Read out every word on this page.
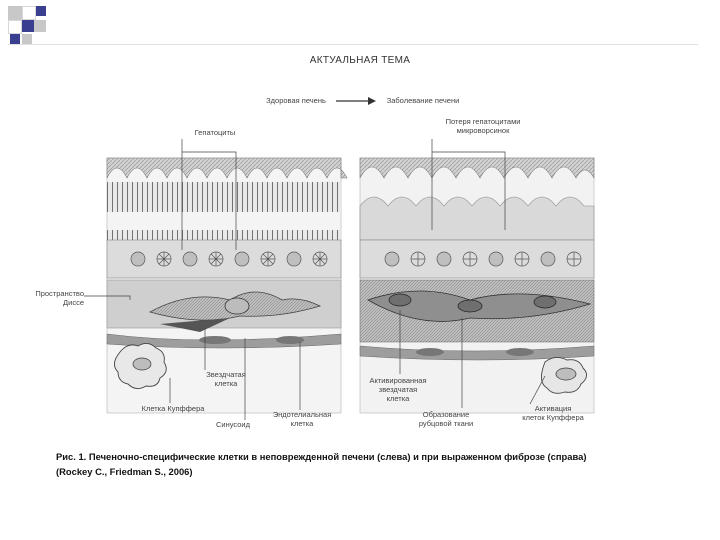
АКТУАЛЬНАЯ ТЕМА
Здоровая печень	Заболевание печени
Гепатоциты
Потеря гепатоцитами
микроворсинок
Пространство
Диссе
Звездчатая
клетка
Клетка Купффера
Синусоид
Эндотелиальная
клетка
Активированная
звездчатая
клетка
Образование
рубцовой ткани
Активация
клеток Купффера
Рис. 1. Печеночно-специфические клетки в неповрежденной печени (слева) и при выраженном фиброзе (справа)
(Rockey C., Friedman S., 2006)
